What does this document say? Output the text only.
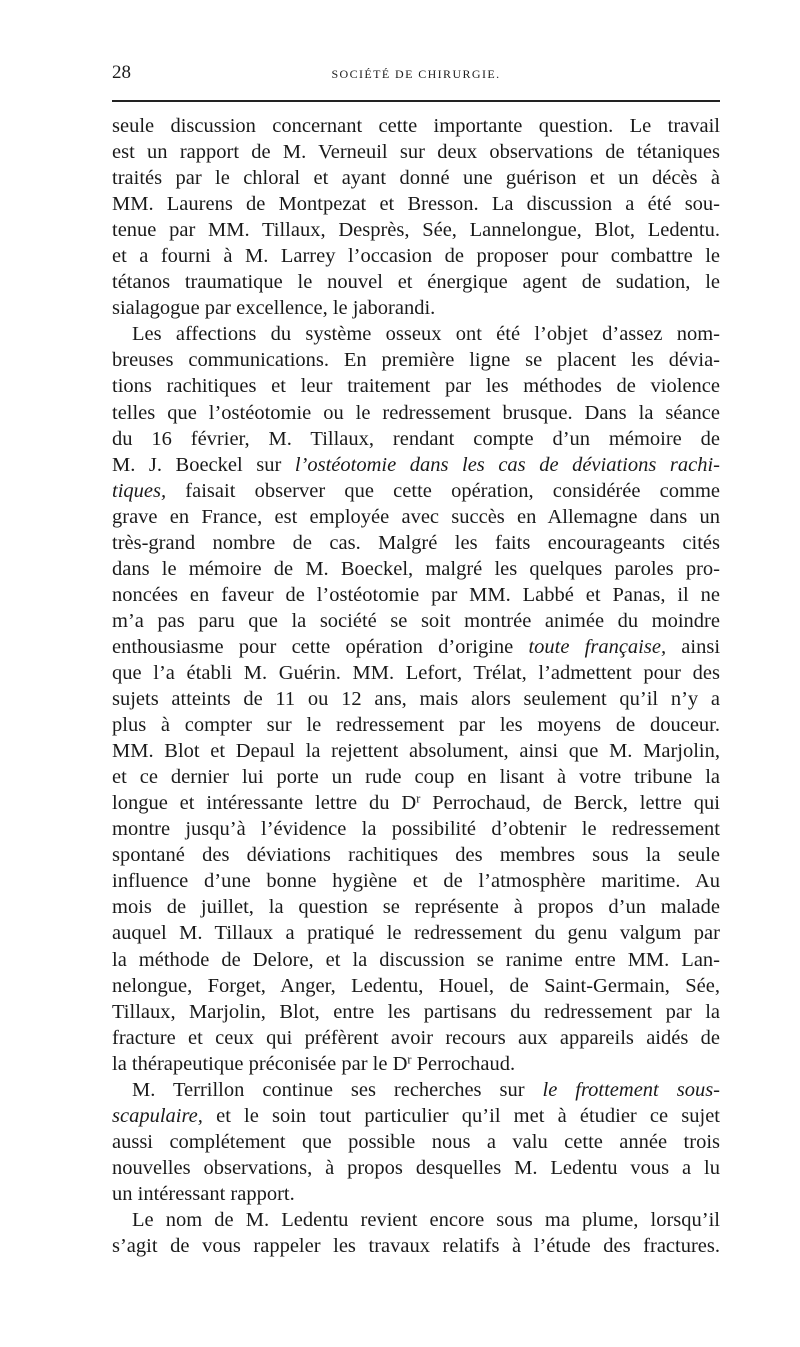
28	SOCIÉTÉ DE CHIRURGIE.
seule discussion concernant cette importante question. Le travail
est un rapport de M. Verneuil sur deux observations de tétaniques
traités par le chloral et ayant donné une guérison et un décès à
MM. Laurens de Montpezat et Bresson. La discussion a été sou-
tenue par MM. Tillaux, Desprès, Sée, Lannelongue, Blot, Ledentu.
et a fourni à M. Larrey l’occasion de proposer pour combattre le
tétanos traumatique le nouvel et énergique agent de sudation, le
sialagogue par excellence, le jaborandi.
Les affections du système osseux ont été l’objet d’assez nom-
breuses communications. En première ligne se placent les dévia-
tions rachitiques et leur traitement par les méthodes de violence
telles que l’ostéotomie ou le redressement brusque. Dans la séance
du 16 février, M. Tillaux, rendant compte d’un mémoire de
M. J. Boeckel sur l’ostéotomie dans les cas de déviations rachi-
tiques, faisait observer que cette opération, considérée comme
grave en France, est employée avec succès en Allemagne dans un
très-grand nombre de cas. Malgré les faits encourageants cités
dans le mémoire de M. Boeckel, malgré les quelques paroles pro-
noncées en faveur de l’ostéotomie par MM. Labbé et Panas, il ne
m’a pas paru que la société se soit montrée animée du moindre
enthousiasme pour cette opération d’origine toute française, ainsi
que l’a établi M. Guérin. MM. Lefort, Trélat, l’admettent pour des
sujets atteints de 11 ou 12 ans, mais alors seulement qu’il n’y a
plus à compter sur le redressement par les moyens de douceur.
MM. Blot et Depaul la rejettent absolument, ainsi que M. Marjolin,
et ce dernier lui porte un rude coup en lisant à votre tribune la
longue et intéressante lettre du $D^r$ Perrochaud, de Berck, lettre qui
montre jusqu’à l’évidence la possibilité d’obtenir le redressement
spontané des déviations rachitiques des membres sous la seule
influence d’une bonne hygiène et de l’atmosphère maritime. Au
mois de juillet, la question se représente à propos d’un malade
auquel M. Tillaux a pratiqué le redressement du genu valgum par
la méthode de Delore, et la discussion se ranime entre MM. Lan-
nelongue, Forget, Anger, Ledentu, Houel, de Saint-Germain, Sée,
Tillaux, Marjolin, Blot, entre les partisans du redressement par la
fracture et ceux qui préfèrent avoir recours aux appareils aidés de
la thérapeutique préconisée par le $D^r$ Perrochaud.
M. Terrillon continue ses recherches sur le frottement sous-
scapulaire, et le soin tout particulier qu’il met à étudier ce sujet
aussi complétement que possible nous a valu cette année trois
nouvelles observations, à propos desquelles M. Ledentu vous a lu
un intéressant rapport.
Le nom de M. Ledentu revient encore sous ma plume, lorsqu’il
s’agit de vous rappeler les travaux relatifs à l’étude des fractures.
